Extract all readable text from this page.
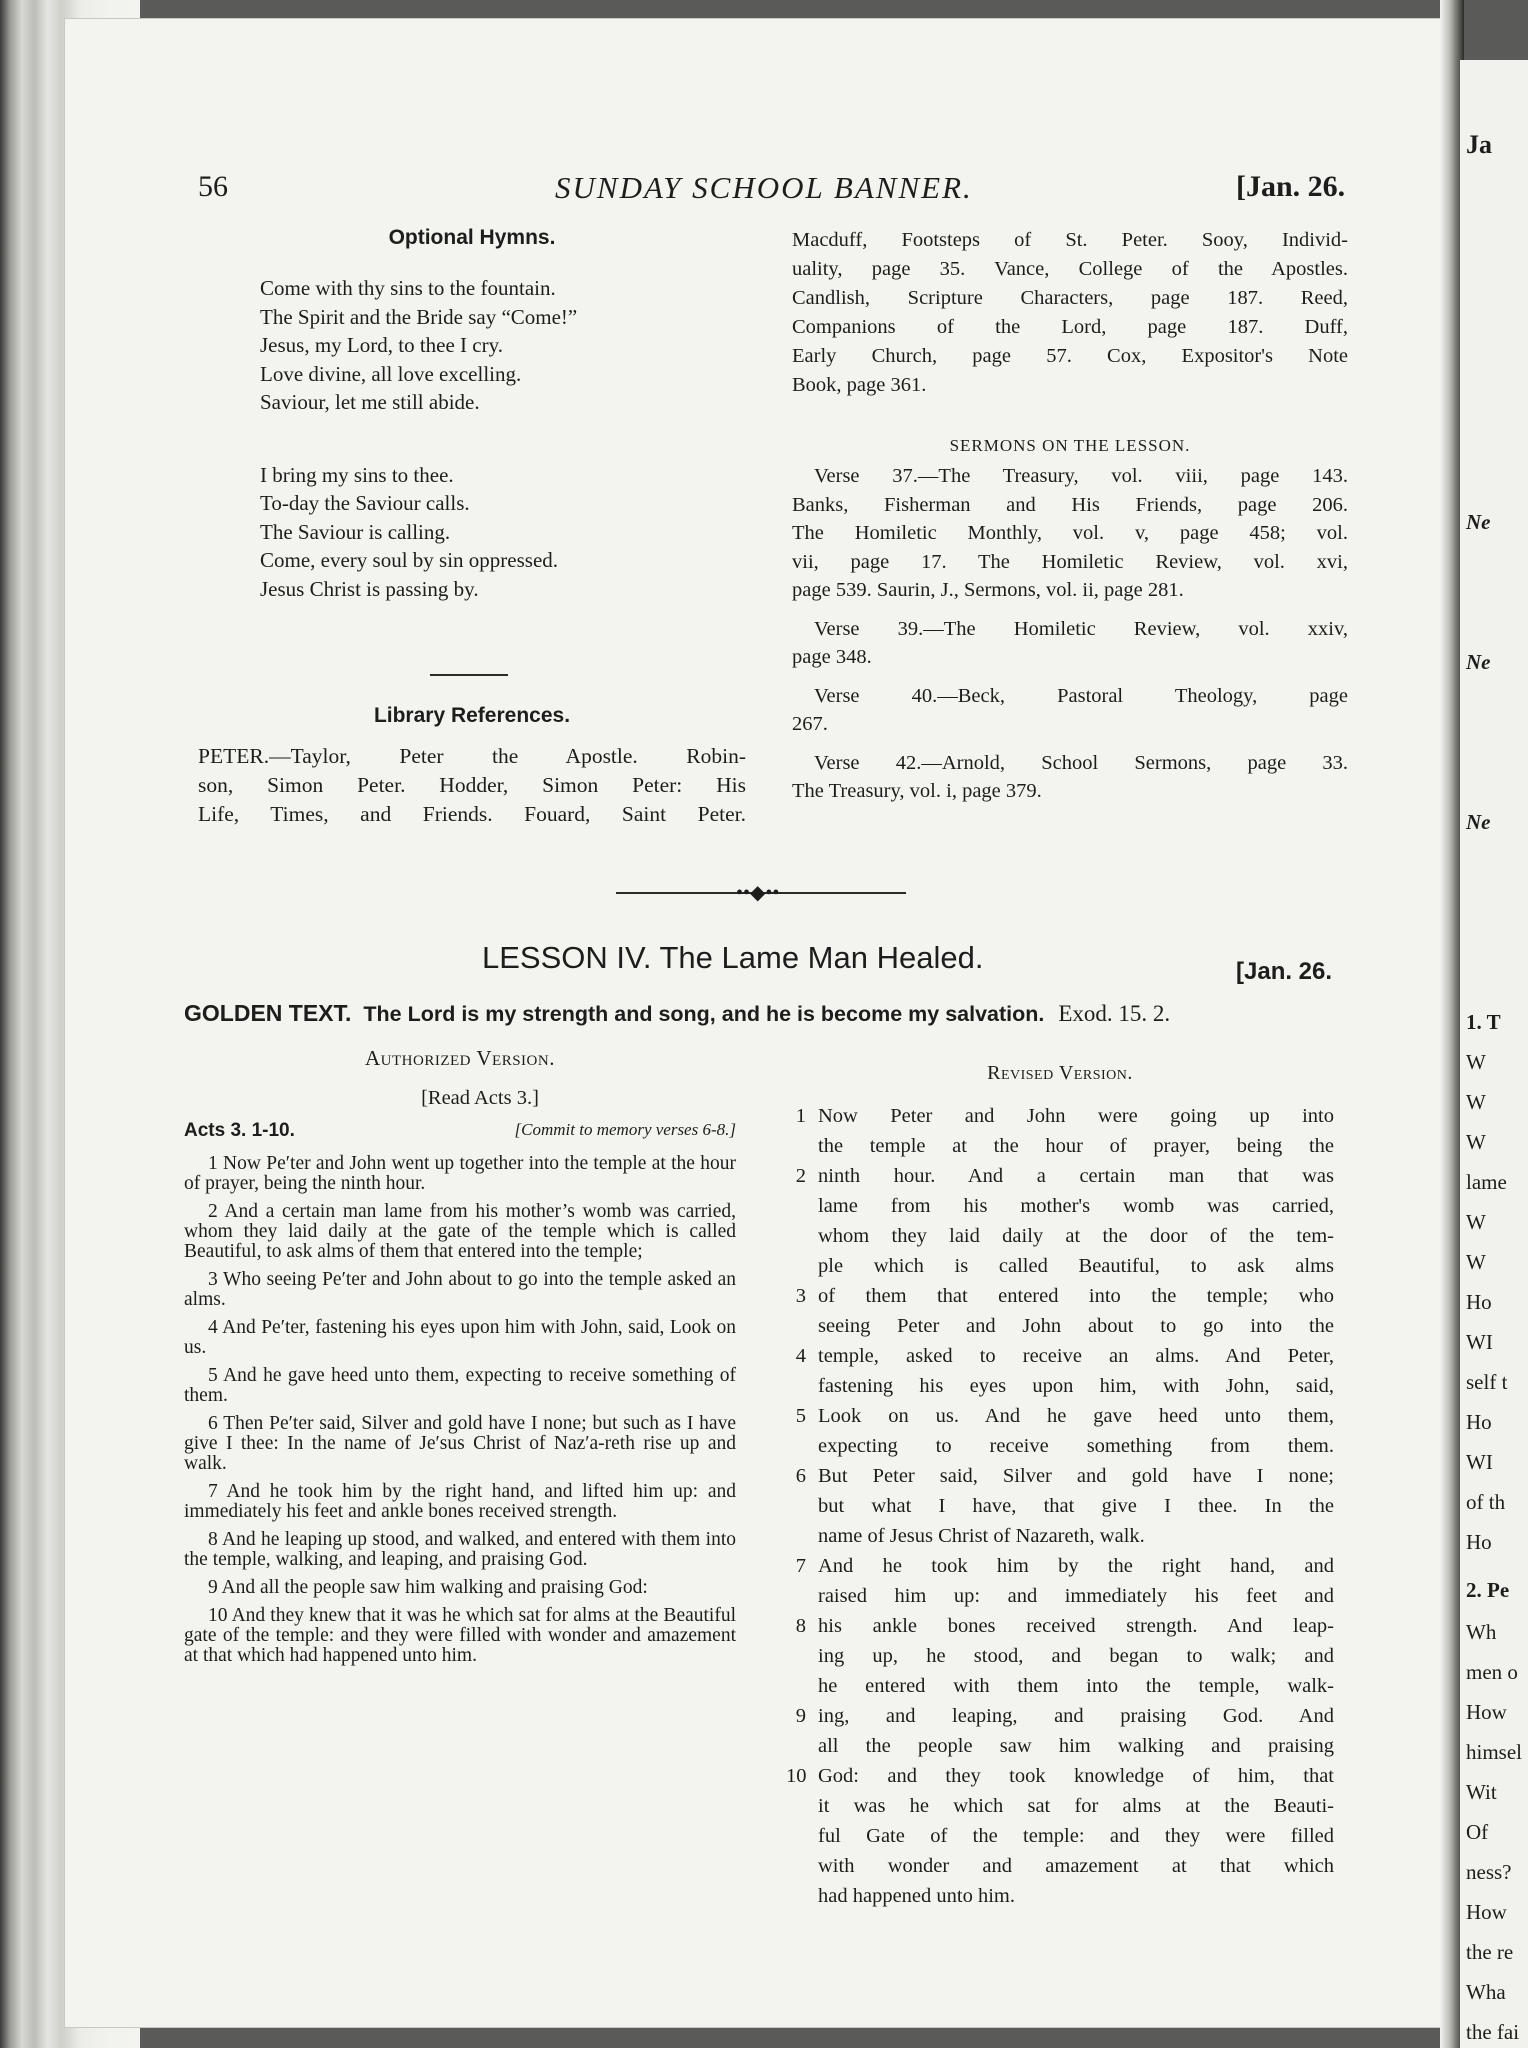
Ja
Ne
Ne
Ne
1. T
W
W
W
lame
W
W
Ho
WI
self t
Ho
WI
of th
Ho
2. Pe
Wh
men o
How
himsel
Wit
Of
ness?
How
the re
Wha
the fai
56	SUNDAY SCHOOL BANNER.	[Jan. 26.
Optional Hymns.
Come with thy sins to the fountain.
The Spirit and the Bride say “Come!”
Jesus, my Lord, to thee I cry.
Love divine, all love excelling.
Saviour, let me still abide.
I bring my sins to thee.
To-day the Saviour calls.
The Saviour is calling.
Come, every soul by sin oppressed.
Jesus Christ is passing by.
Library References.
PETER.—Taylor, Peter the Apostle. Robin-
son, Simon Peter. Hodder, Simon Peter: His
Life, Times, and Friends. Fouard, Saint Peter.
Macduff, Footsteps of St. Peter. Sooy, Individ-
uality, page 35. Vance, College of the Apostles.
Candlish, Scripture Characters, page 187. Reed,
Companions of the Lord, page 187. Duff,
Early Church, page 57. Cox, Expositor's Note
Book, page 361.
SERMONS ON THE LESSON.
Verse 37.—The Treasury, vol. viii, page 143.
Banks, Fisherman and His Friends, page 206.
The Homiletic Monthly, vol. v, page 458; vol.
vii, page 17. The Homiletic Review, vol. xvi,
page 539. Saurin, J., Sermons, vol. ii, page 281.
Verse 39.—The Homiletic Review, vol. xxiv,
page 348.
Verse 40.—Beck, Pastoral Theology, page
267.
Verse 42.—Arnold, School Sermons, page 33.
The Treasury, vol. i, page 379.
••◆••
LESSON IV. The Lame Man Healed.	[Jan. 26.
GOLDEN TEXT. The Lord is my strength and song, and he is become my salvation. Exod. 15. 2.
Authorized Version.
[Read Acts 3.]
Acts 3. 1-10.	[Commit to memory verses 6-8.]

1 Now Pe′ter and John went up together into the temple at the hour of prayer, being the ninth hour.

2 And a certain man lame from his mother’s womb was carried, whom they laid daily at the gate of the temple which is called Beautiful, to ask alms of them that entered into the temple;

3 Who seeing Pe′ter and John about to go into the temple asked an alms.

4 And Pe′ter, fastening his eyes upon him with John, said, Look on us.

5 And he gave heed unto them, expecting to receive something of them.

6 Then Pe′ter said, Silver and gold have I none; but such as I have give I thee: In the name of Je′sus Christ of Naz′a-reth rise up and walk.

7 And he took him by the right hand, and lifted him up: and immediately his feet and ankle bones received strength.

8 And he leaping up stood, and walked, and entered with them into the temple, walking, and leaping, and praising God.

9 And all the people saw him walking and praising God:

10 And they knew that it was he which sat for alms at the Beautiful gate of the temple: and they were filled with wonder and amazement at that which had happened unto him.

Revised Version.
1 Now Peter and John were going up into
the temple at the hour of prayer, being the
2 ninth hour. And a certain man that was
lame from his mother's womb was carried,
whom they laid daily at the door of the tem-
ple which is called Beautiful, to ask alms
3 of them that entered into the temple; who
seeing Peter and John about to go into the
4 temple, asked to receive an alms. And Peter,
fastening his eyes upon him, with John, said,
5 Look on us. And he gave heed unto them,
expecting to receive something from them.
6 But Peter said, Silver and gold have I none;
but what I have, that give I thee. In the
name of Jesus Christ of Nazareth, walk.
7 And he took him by the right hand, and
raised him up: and immediately his feet and
8 his ankle bones received strength. And leap-
ing up, he stood, and began to walk; and
he entered with them into the temple, walk-
9 ing, and leaping, and praising God. And
all the people saw him walking and praising
10 God: and they took knowledge of him, that
it was he which sat for alms at the Beauti-
ful Gate of the temple: and they were filled
with wonder and amazement at that which
had happened unto him.
